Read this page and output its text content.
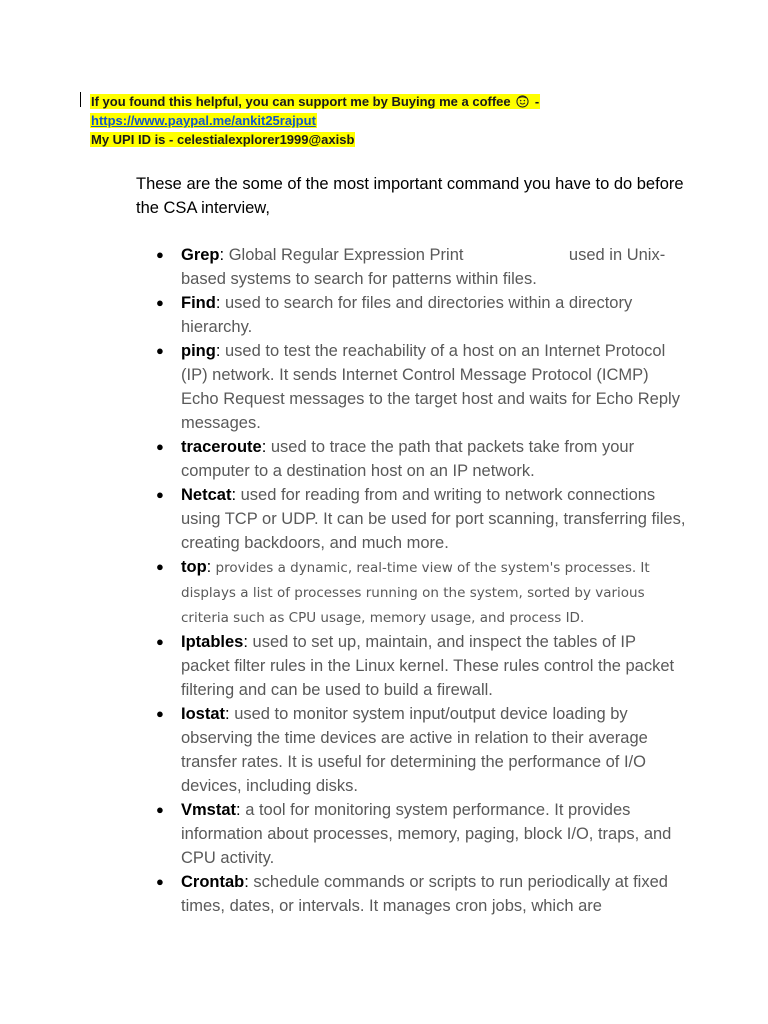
If you found this helpful, you can support me by Buying me a coffee  -
https://www.paypal.me/ankit25rajput
My UPI ID is - celestialexplorer1999@axisb
These are the some of the most important command you have to do before the CSA interview,
● Grep: Global Regular Expression Print                       used in Unix-based systems to search for patterns within files.
● Find: used to search for files and directories within a directory hierarchy.
● ping: used to test the reachability of a host on an Internet Protocol (IP) network. It sends Internet Control Message Protocol (ICMP) Echo Request messages to the target host and waits for Echo Reply messages.
● traceroute: used to trace the path that packets take from your computer to a destination host on an IP network.
● Netcat: used for reading from and writing to network connections using TCP or UDP. It can be used for port scanning, transferring files, creating backdoors, and much more.
● top: provides a dynamic, real-time view of the system's processes. It displays a list of processes running on the system, sorted by various criteria such as CPU usage, memory usage, and process ID.
● Iptables: used to set up, maintain, and inspect the tables of IP packet filter rules in the Linux kernel. These rules control the packet filtering and can be used to build a firewall.
● Iostat: used to monitor system input/output device loading by observing the time devices are active in relation to their average transfer rates. It is useful for determining the performance of I/O devices, including disks.
● Vmstat: a tool for monitoring system performance. It provides information about processes, memory, paging, block I/O, traps, and CPU activity.
● Crontab: schedule commands or scripts to run periodically at fixed times, dates, or intervals. It manages cron jobs, which are
